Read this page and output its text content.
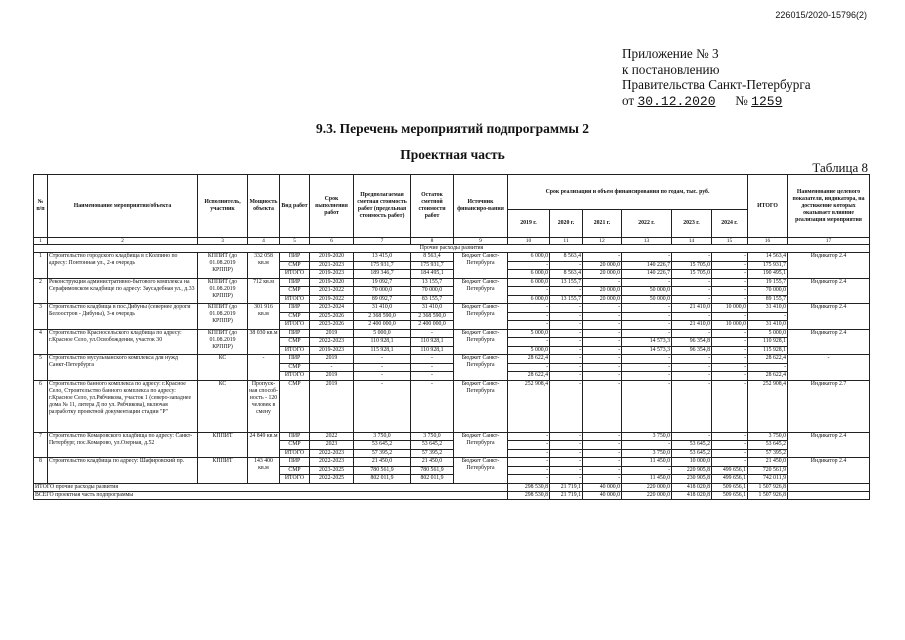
226015/2020-15796(2)
Приложение № 3
к постановлению
Правительства Санкт-Петербурга
от 30.12.2020 № 1259
9.3. Перечень мероприятий подпрограммы 2
Проектная часть
Таблица 8
№ п/п	Наименование мероприятия/объекта	Исполнитель, участник	Мощность объекта	Вид работ	Срок выполнения работ	Предполагаемая сметная стоимость работ (предельная стоимость работ)	Остаток сметной стоимости работ	Источник финансиро-вания	Срок реализации и объем финансирования по годам, тыс. руб.						ИТОГО	Наименование целевого показателя, индикатора, на достижение которых оказывает влияние реализация мероприятия
									2019 г.	2020 г.	2021 г.	2022 г.	2023 г.	2024 г.		
1	2	3	4	5	6	7	8	9	10	11	12	13	14	15	16	17
Прочие расходы развития																
1	Строительство городского кладбища в г.Колпино по адресу: Понтонная ул., 2-я очередь	КППИТ (до 01.08.2019 КРППР)	332 058 кв.м	ПИР	2019-2020	13 415,0	8 563,4	Бюджет Санкт-Петербурга	6 000,0	8 563,4	-	-	-	-	14 563,4	Индикатор 2.4
				СМР	2021-2023	175 931,7	175 931,7		-	-	20 000,0	140 226,7	15 705,0	-	175 931,7	
				ИТОГО	2019-2023	189 346,7	184 495,1		6 000,0	8 563,4	20 000,0	140 226,7	15 705,0	-	190 495,1	
2	Реконструкция административно-бытового комплекса на Серафимовском кладбище по адресу: Заусадебная ул., д.33	КППИТ (до 01.08.2019 КРППР)	712 кв.м	ПИР	2019-2020	19 092,7	13 155,7	Бюджет Санкт-Петербурга	6 000,0	13 155,7	-	-	-	-	19 155,7	Индикатор 2.4
				СМР	2021-2022	70 000,0	70 000,0		-	-	20 000,0	50 000,0	-	-	70 000,0	
				ИТОГО	2019-2022	89 092,7	83 155,7		6 000,0	13 155,7	20 000,0	50 000,0	-	-	89 155,7	
3	Строительство кладбища в пос.Дибуны (севернее дороги Белоостров - Дибуны), 3-я очередь	КППИТ (до 01.08.2019 КРППР)	301 916 кв.м	ПИР	2023-2024	31 410,0	31 410,0	Бюджет Санкт-Петербурга	-	-	-	-	21 410,0	10 000,0	31 410,0	Индикатор 2.4
				СМР	2025-2026	2 368 590,0	2 368 590,0		-	-	-	-	-	-	-	
				ИТОГО	2023-2026	2 400 000,0	2 400 000,0		-	-	-	-	21 410,0	10 000,0	31 410,0	
4	Строительство Красносельского кладбища по адресу: г.Красное Село, ул.Освобождения, участок 30	КППИТ (до 01.08.2019 КРППР)	38 030 кв.м	ПИР	2019	5 000,0	-	Бюджет Санкт-Петербурга	5 000,0	-	-	-	-	-	5 000,0	Индикатор 2.4
				СМР	2022-2023	110 928,1	110 928,1		-	-	-	14 573,3	96 354,8	-	110 928,1	
				ИТОГО	2019-2023	115 928,1	110 928,1		5 000,0	-	-	14 573,3	96 354,8	-	115 928,1	
5	Строительство мусульманского комплекса для нужд Санкт-Петербурга	КС	-	ПИР	2019	-	-	Бюджет Санкт-Петербурга	28 622,4	-	-	-	-	-	28 622,4	-
				СМР	-	-	-		-	-	-	-	-	-	-	
				ИТОГО	2019	-	-		28 622,4	-	-	-	-	-	28 622,4	
6	Строительство банного комплекса по адресу: г.Красное Село, Строительство банного комплекса по адресу: г.Красное Село, ул.Рябчикова, участок 1 (северо-западнее дома № 11, литера Д по ул. Рябчикова), включая разработку проектной документации стадии "Р"	КС	Пропуск-ная способ-ность - 120 человек в смену	СМР	2019	-	-	Бюджет Санкт-Петербурга	252 908,4	-	-	-	-	-	252 908,4	Индикатор 2.7
7	Строительство Комаровского кладбища по адресу: Санкт-Петербург, пос.Комарово, ул.Озерная, д.52	КППИТ	24 849 кв.м	ПИР	2022	3 750,0	3 750,0	Бюджет Санкт-Петербурга	-	-	-	3 750,0	-	-	3 750,0	Индикатор 2.4
				СМР	2023	53 645,2	53 645,2		-	-	-	-	53 645,2	-	53 645,2	
				ИТОГО	2022-2023	57 395,2	57 395,2		-	-	-	3 750,0	53 645,2	-	57 395,2	
8	Строительство кладбища по адресу: Шафировский пр.	КППИТ	143 400 кв.м	ПИР	2022-2023	21 450,0	21 450,0	Бюджет Санкт-Петербурга	-	-	-	11 450,0	10 000,0	-	21 450,0	Индикатор 2.4
				СМР	2023-2025	780 561,9	780 561,9		-	-	-	-	220 905,8	499 656,1	720 561,9	
				ИТОГО	2022-2025	802 011,9	802 011,9		-	-	-	11 450,0	230 905,8	499 656,1	742 011,9	
ИТОГО прочие расходы развития									298 530,8	21 719,1	40 000,0	220 000,0	418 020,8	509 656,1	1 507 926,8	
ВСЕГО проектная часть подпрограммы									298 530,8	21 719,1	40 000,0	220 000,0	418 020,8	509 656,1	1 507 926,8	
